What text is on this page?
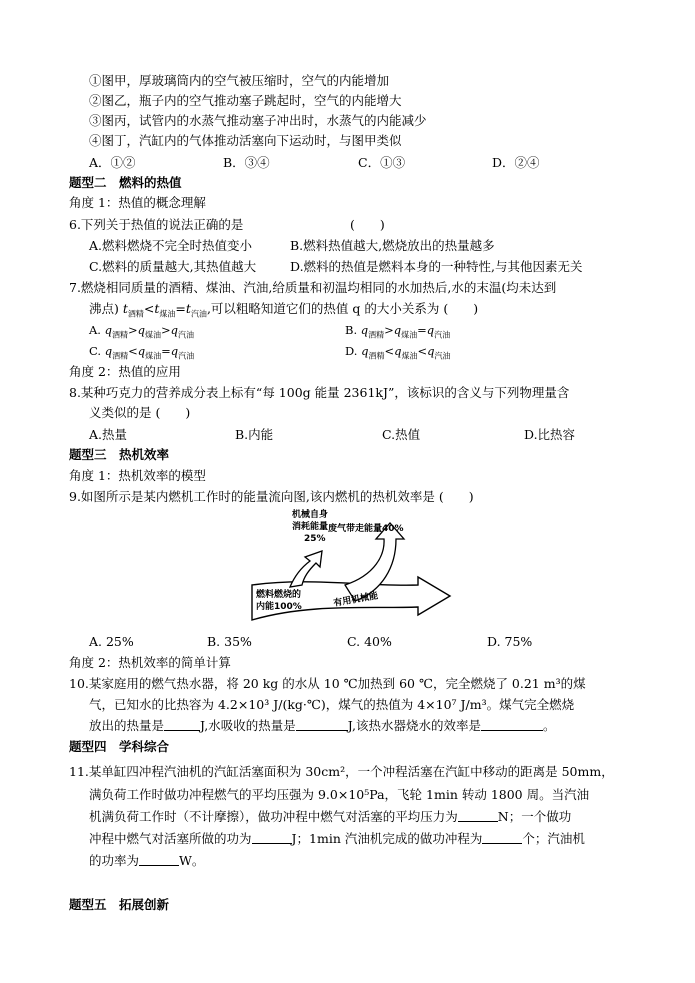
①图甲，厚玻璃筒内的空气被压缩时，空气的内能增加
②图乙，瓶子内的空气推动塞子跳起时，空气的内能增大
③图丙，试管内的水蒸气推动塞子冲出时，水蒸气的内能减少
④图丁，汽缸内的气体推动活塞向下运动时，与图甲类似
A．①②	B．③④	C．①③	D．②④
题型二　燃料的热值
角度 1：热值的概念理解
6.下列关于热值的说法正确的是	(　　)
A.燃料燃烧不完全时热值变小	B.燃料热值越大,燃烧放出的热量越多
C.燃料的质量越大,其热值越大	D.燃料的热值是燃料本身的一种特性,与其他因素无关
7.燃烧相同质量的酒精、煤油、汽油,给质量和初温均相同的水加热后,水的末温(均未达到
沸点) $t_{酒精}<t_{煤油}=t_{汽油}$,可以粗略知道它们的热值 q 的大小关系为 (　　)
A. $q_{酒精}>q_{煤油}>q_{汽油}$	B. $q_{酒精}>q_{煤油}=q_{汽油}$
C. $q_{酒精}<q_{煤油}=q_{汽油}$	D. $q_{酒精}<q_{煤油}<q_{汽油}$
角度 2：热值的应用
8.某种巧克力的营养成分表上标有“每 100g 能量 2361kJ”，该标识的含义与下列物理量含
义类似的是 (　　)
A.热量	B.内能	C.热值	D.比热容
题型三　热机效率
角度 1：热机效率的模型
9.如图所示是某内燃机工作时的能量流向图,该内燃机的热机效率是 (　　)
机械自身
消耗能量
25%
废气带走能量40%
燃料燃烧的
内能100%	有用机械能
A. 25%	B. 35%	C. 40%	D. 75%
角度 2：热机效率的简单计算
10.某家庭用的燃气热水器，将 20 kg 的水从 10 ℃加热到 60 ℃，完全燃烧了 0.21 m³的煤
气，已知水的比热容为 4.2×10³ J/(kg·℃)，煤气的热值为 4×10⁷ J/m³。煤气完全燃烧
放出的热量是	J,水吸收的热量是	J,该热水器烧水的效率是	。
题型四　学科综合
11.某单缸四冲程汽油机的汽缸活塞面积为 30cm²，一个冲程活塞在汽缸中移动的距离是 50mm，
满负荷工作时做功冲程燃气的平均压强为 9.0×10⁵Pa，飞轮 1min 转动 1800 周。当汽油
机满负荷工作时（不计摩擦），做功冲程中燃气对活塞的平均压力为	N；一个做功
冲程中燃气对活塞所做的功为	J；1min 汽油机完成的做功冲程为	个；汽油机
的功率为	W。
题型五　拓展创新
